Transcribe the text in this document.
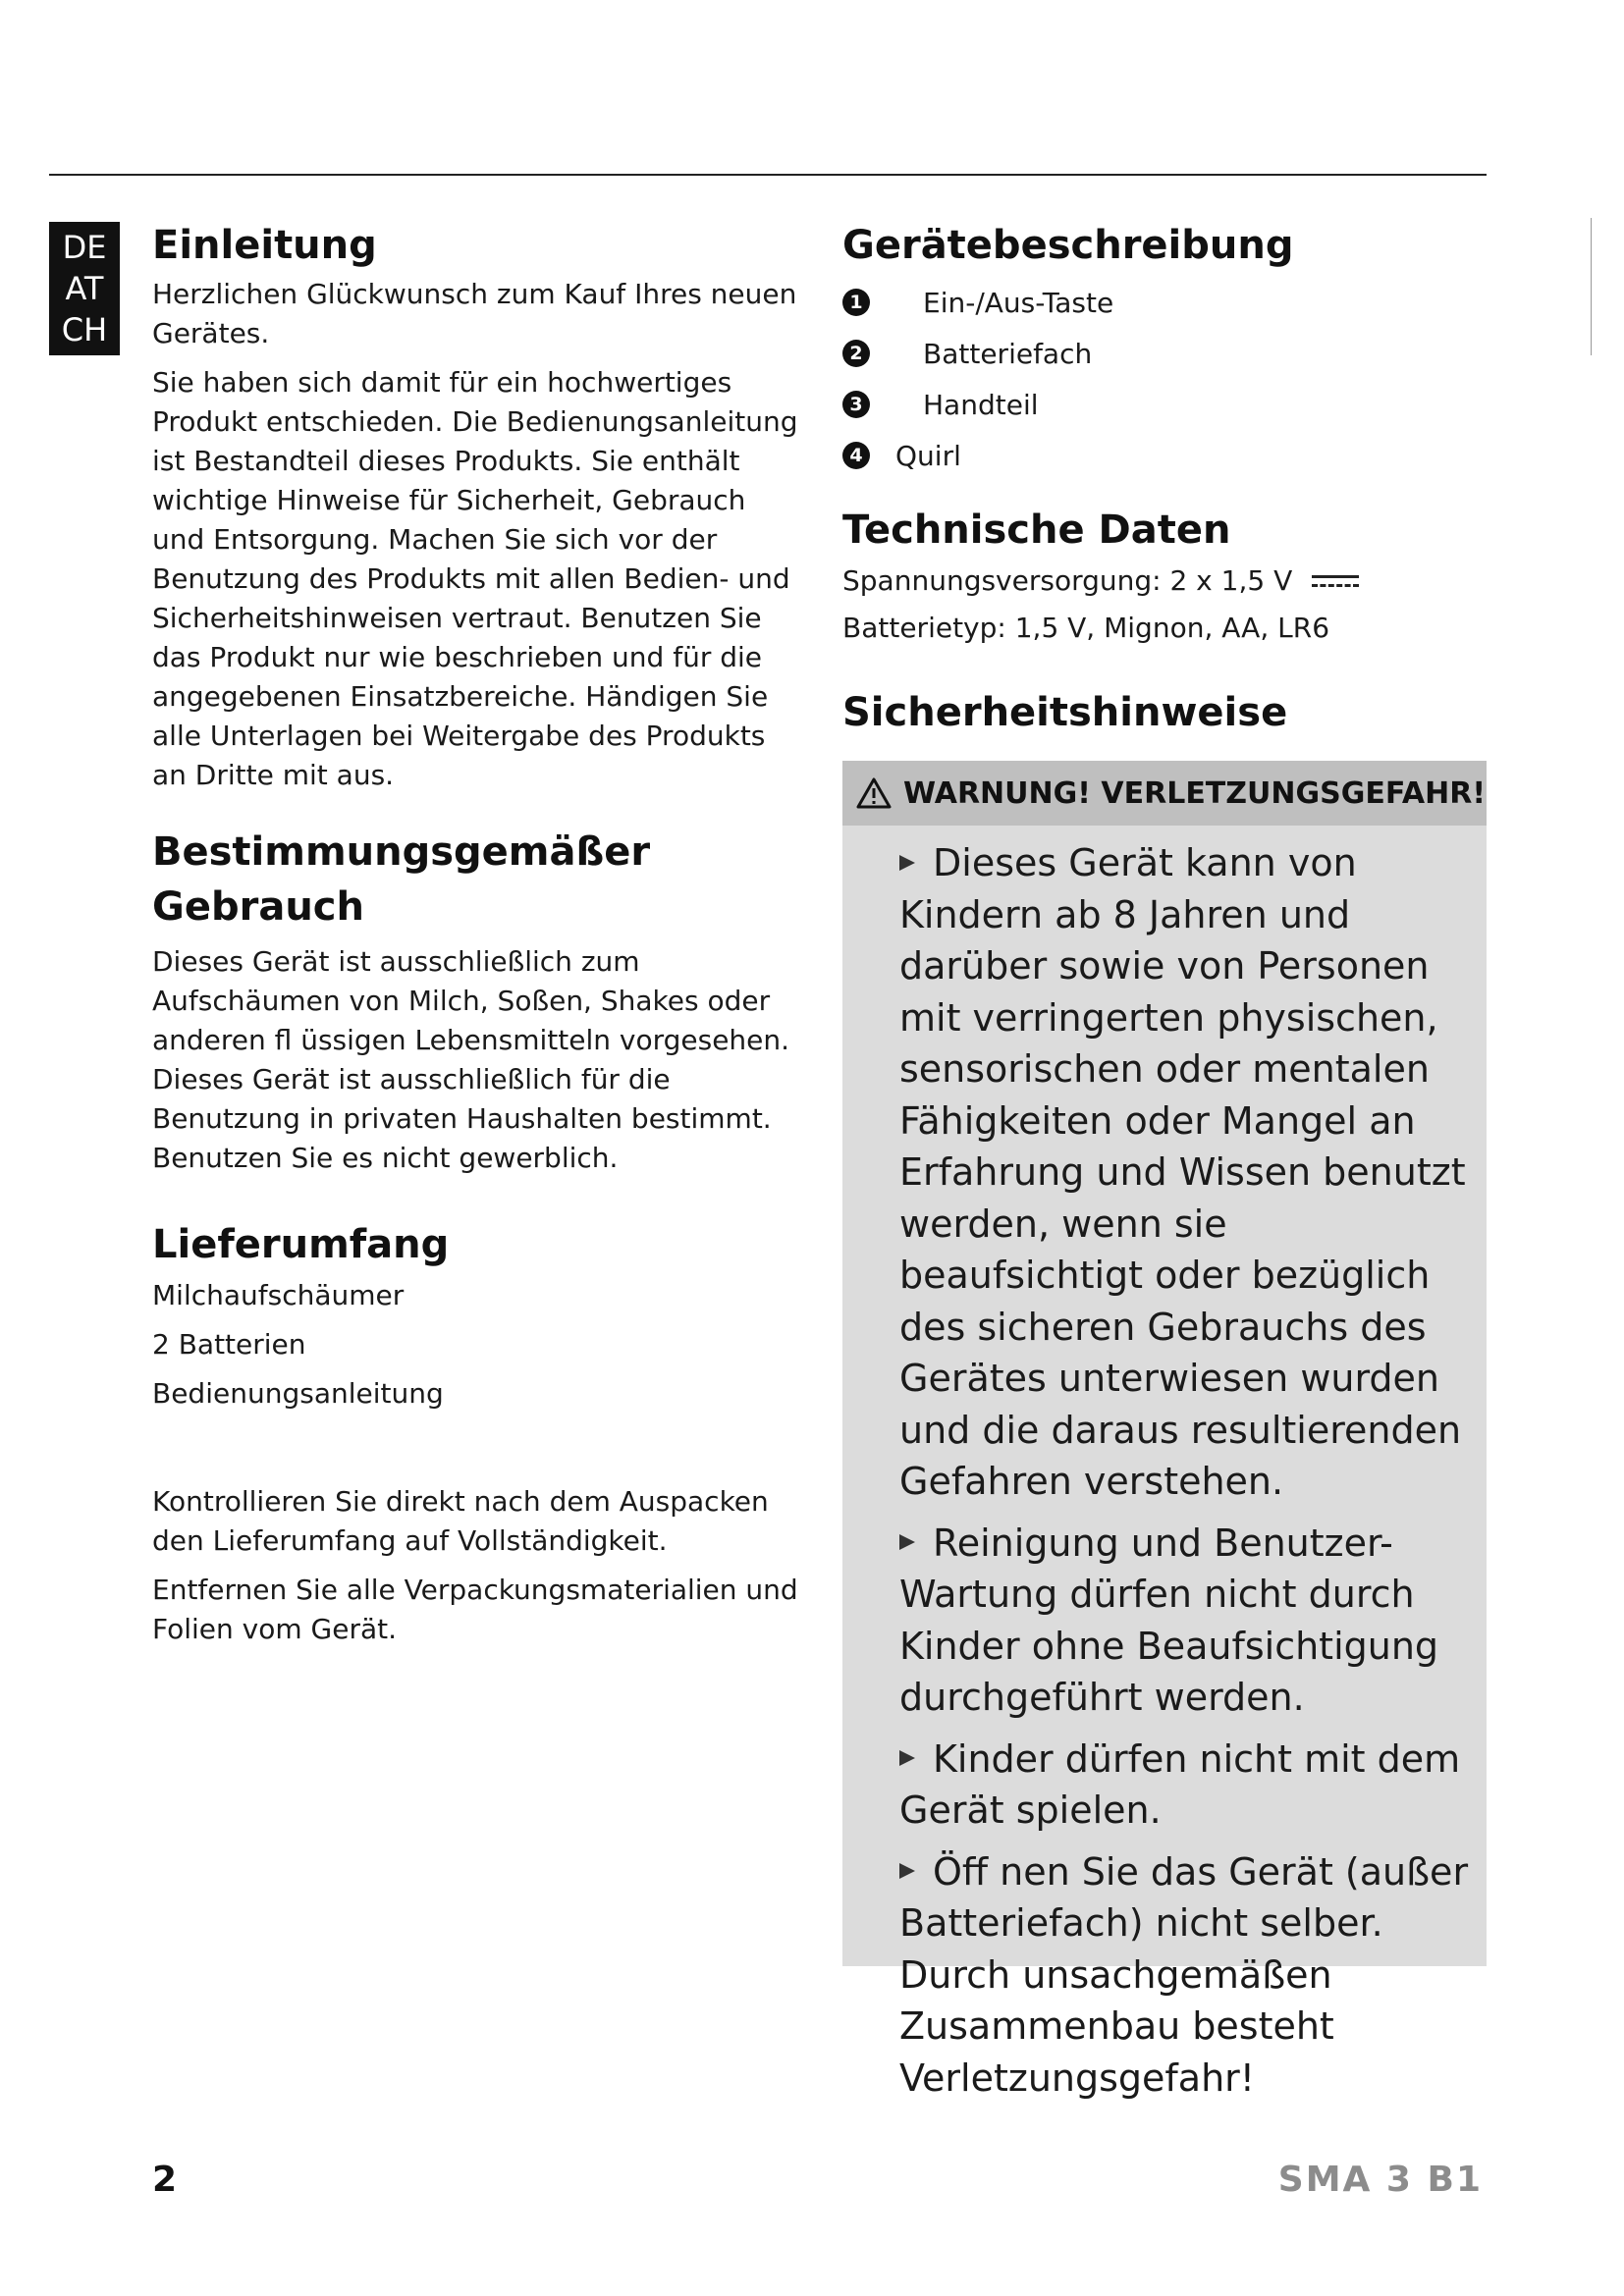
DE
AT
CH
Einleitung

Herzlichen Glückwunsch zum Kauf Ihres neuen Gerätes.

Sie haben sich damit für ein hochwertiges Produkt entschieden. Die Bedienungsanleitung ist Bestandteil dieses Produkts. Sie enthält wichtige Hinweise für Sicherheit, Gebrauch und Entsorgung. Machen Sie sich vor der Benutzung des Produkts mit allen Bedien- und Sicherheitshinweisen vertraut. Benutzen Sie das Produkt nur wie beschrieben und für die angegebenen Einsatzbereiche. Händigen Sie alle Unterlagen bei Weitergabe des Produkts an Dritte mit aus.

Bestimmungsgemäßer
Gebrauch

Dieses Gerät ist ausschließlich zum Aufschäumen von Milch, Soßen, Shakes oder anderen fl üssigen Lebensmitteln vorgesehen. Dieses Gerät ist ausschließlich für die Benutzung in privaten Haushalten bestimmt. Benutzen Sie es nicht gewerblich.

Lieferumfang

Milchaufschäumer

2 Batterien

Bedienungsanleitung

Kontrollieren Sie direkt nach dem Auspacken den Lieferumfang auf Vollständigkeit.

Entfernen Sie alle Verpackungsmaterialien und Folien vom Gerät.

Gerätebeschreibung
1 Ein-/Aus-Taste
2 Batteriefach
3 Handteil
4 Quirl
Technische Daten
Spannungsversorgung: 2 x 1,5 V
Batterietyp: 1,5 V, Mignon, AA, LR6
Sicherheitshinweise
WARNUNG! VERLETZUNGSGEFAHR!
Dieses Gerät kann von Kindern ab 8 Jahren und darüber sowie von Personen mit verringerten physischen, sensorischen oder mentalen Fähigkeiten oder Mangel an Erfahrung und Wissen benutzt werden, wenn sie beaufsichtigt oder bezüglich des sicheren Gebrauchs des Gerätes unterwiesen wurden und die daraus resultierenden Gefahren verstehen.
Reinigung und Benutzer-Wartung dürfen nicht durch Kinder ohne Beaufsichtigung durchgeführt werden.
Kinder dürfen nicht mit dem Gerät spielen.
Öff nen Sie das Gerät (außer Batteriefach) nicht selber. Durch unsachgemäßen Zusammenbau besteht Verletzungsgefahr!
2	SMA 3 B1
